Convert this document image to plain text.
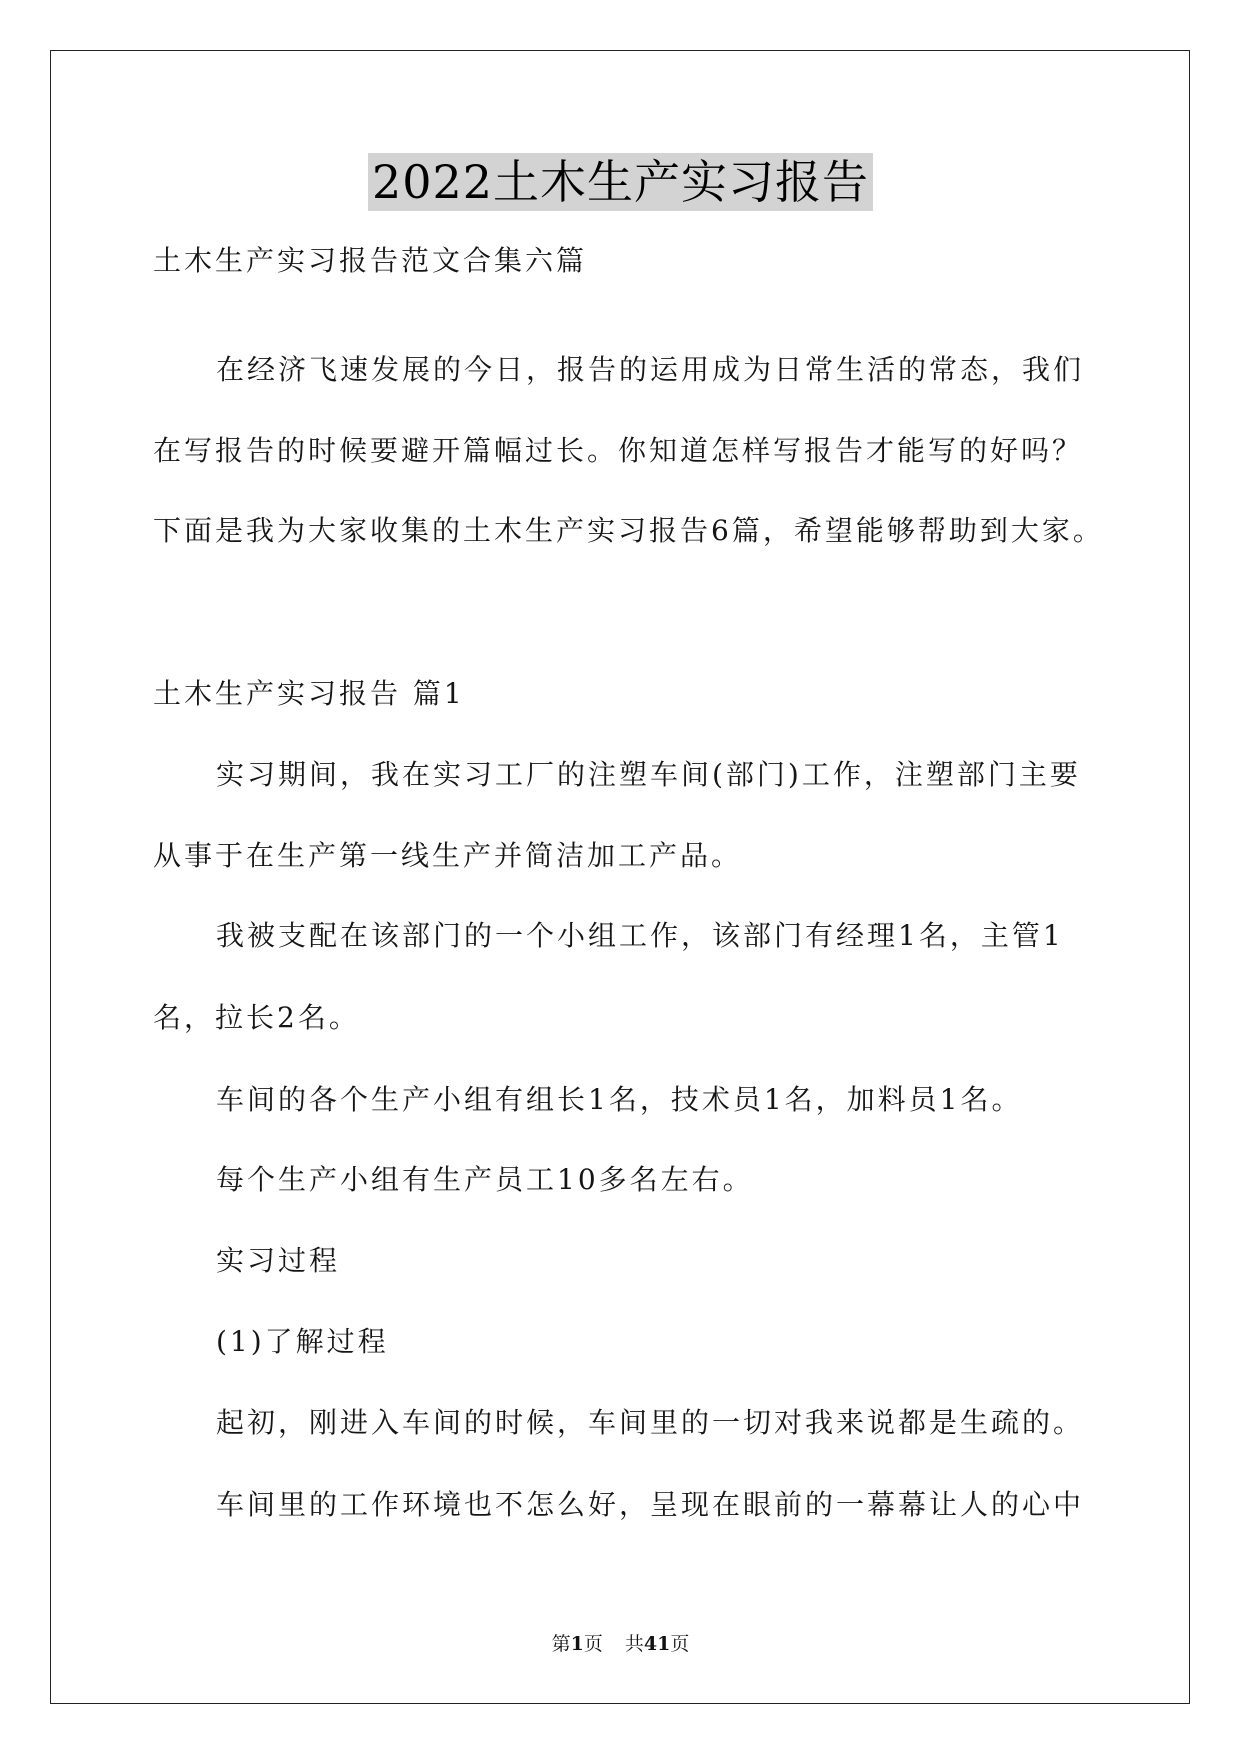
2022土木生产实习报告
土木生产实习报告范文合集六篇
在经济飞速发展的今日，报告的运用成为日常生活的常态，我们
在写报告的时候要避开篇幅过长。你知道怎样写报告才能写的好吗？
下面是我为大家收集的土木生产实习报告6篇，希望能够帮助到大家。
土木生产实习报告 篇1
实习期间，我在实习工厂的注塑车间(部门)工作，注塑部门主要
从事于在生产第一线生产并简洁加工产品。
我被支配在该部门的一个小组工作，该部门有经理1名，主管1
名，拉长2名。
车间的各个生产小组有组长1名，技术员1名，加料员1名。
每个生产小组有生产员工10多名左右。
实习过程
(1)了解过程
起初，刚进入车间的时候，车间里的一切对我来说都是生疏的。
车间里的工作环境也不怎么好，呈现在眼前的一幕幕让人的心中
第1页 共41页
